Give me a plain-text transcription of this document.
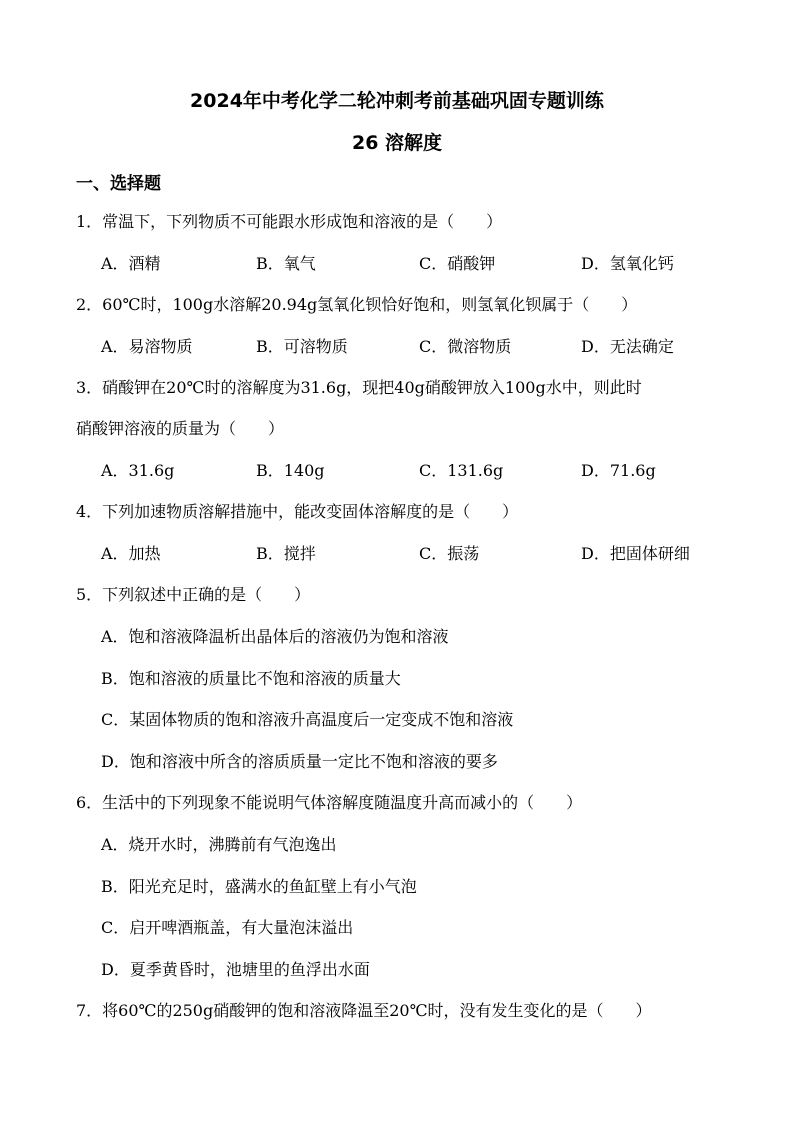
2024年中考化学二轮冲刺考前基础巩固专题训练
26 溶解度
一、选择题
1．常温下，下列物质不可能跟水形成饱和溶液的是（　　）
A．酒精	B．氧气	C．硝酸钾	D．氢氧化钙
2．60℃时，100g水溶解20.94g氢氧化钡恰好饱和，则氢氧化钡属于（　　）
A．易溶物质	B．可溶物质	C．微溶物质	D．无法确定
3．硝酸钾在20℃时的溶解度为31.6g，现把40g硝酸钾放入100g水中，则此时
硝酸钾溶液的质量为（　　）
A．31.6g	B．140g	C．131.6g	D．71.6g
4．下列加速物质溶解措施中，能改变固体溶解度的是（　　）
A．加热	B．搅拌	C．振荡	D．把固体研细
5．下列叙述中正确的是（　　）
A．饱和溶液降温析出晶体后的溶液仍为饱和溶液
B．饱和溶液的质量比不饱和溶液的质量大
C．某固体物质的饱和溶液升高温度后一定变成不饱和溶液
D．饱和溶液中所含的溶质质量一定比不饱和溶液的要多
6．生活中的下列现象不能说明气体溶解度随温度升高而减小的（　　）
A．烧开水时，沸腾前有气泡逸出
B．阳光充足时，盛满水的鱼缸壁上有小气泡
C．启开啤酒瓶盖，有大量泡沫溢出
D．夏季黄昏时，池塘里的鱼浮出水面
7．将60℃的250g硝酸钾的饱和溶液降温至20℃时，没有发生变化的是（　　）
